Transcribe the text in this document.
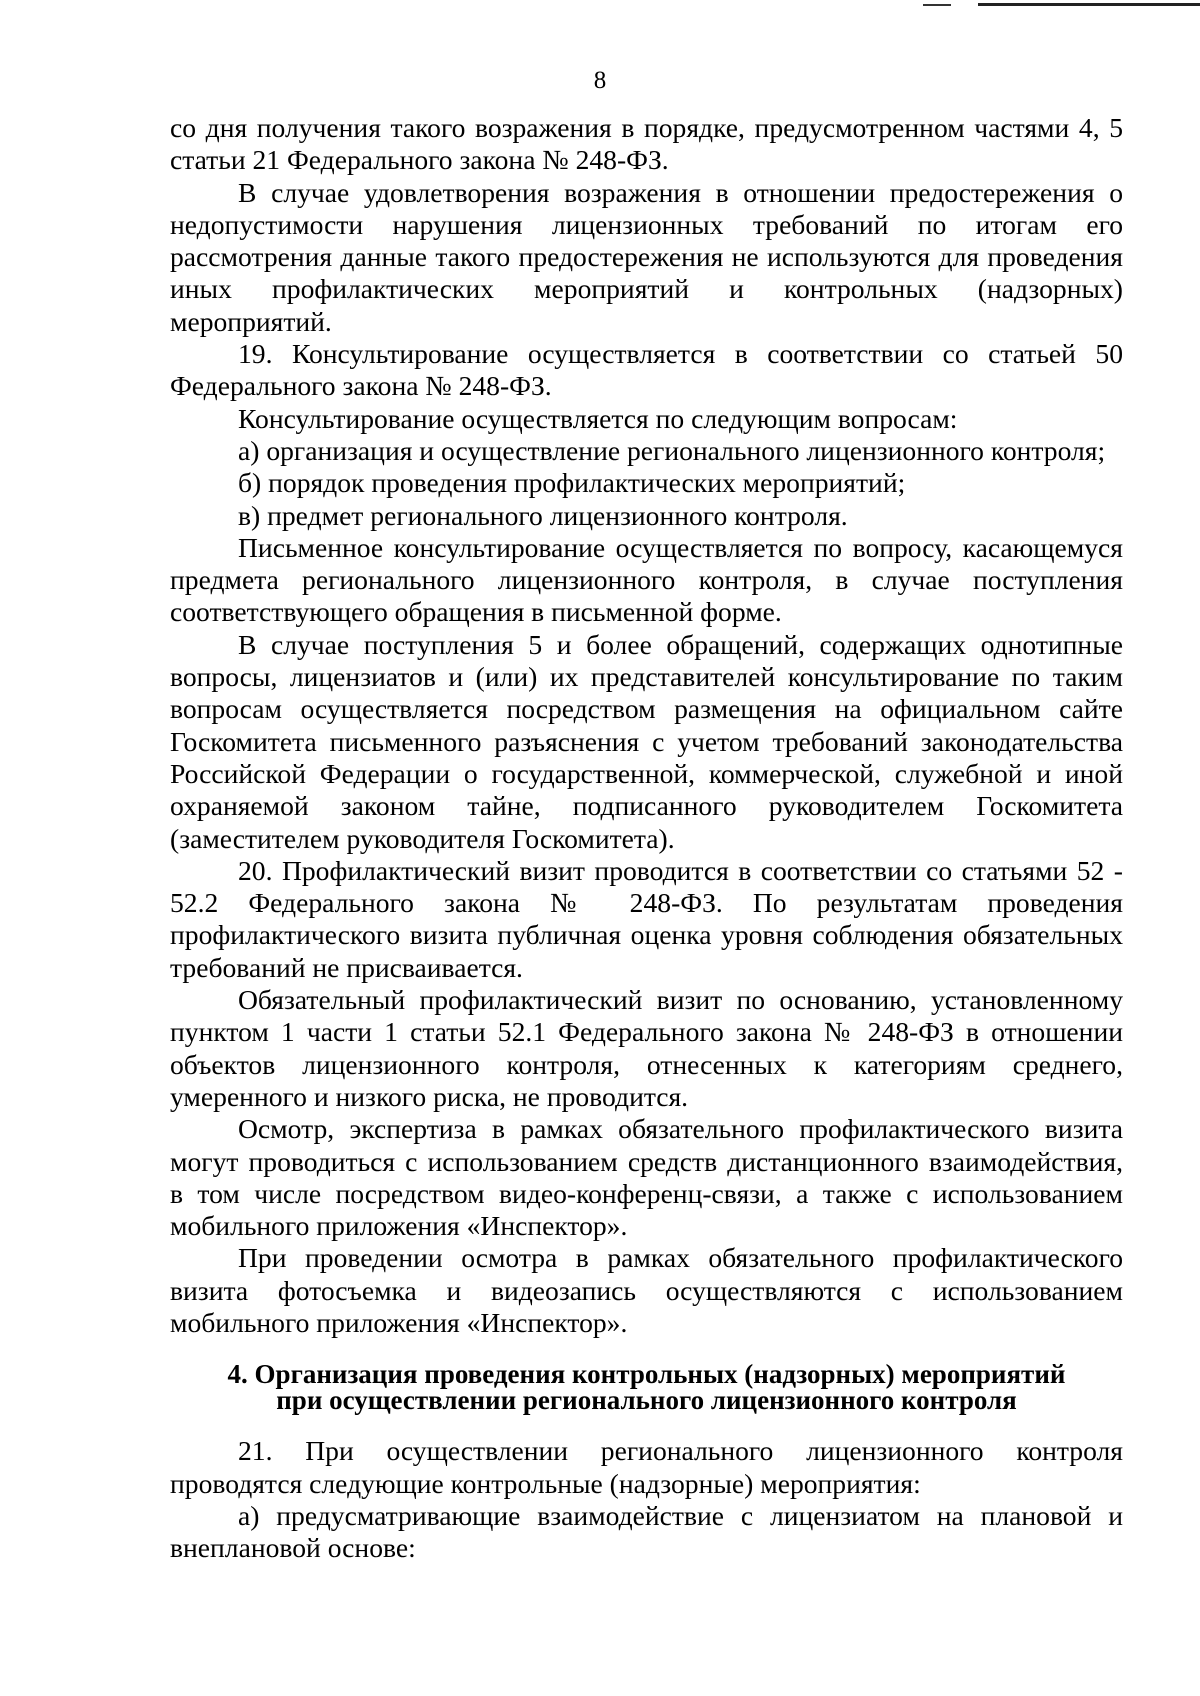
8

со дня получения такого возражения в порядке, предусмотренном частями 4, 5 статьи 21 Федерального закона № 248-ФЗ.

В случае удовлетворения возражения в отношении предостережения о недопустимости нарушения лицензионных требований по итогам его рассмотрения данные такого предостережения не используются для проведения иных профилактических мероприятий и контрольных (надзорных) мероприятий.

19. Консультирование осуществляется в соответствии со статьей 50 Федерального закона № 248-ФЗ.

Консультирование осуществляется по следующим вопросам:

а) организация и осуществление регионального лицензионного контроля;

б) порядок проведения профилактических мероприятий;

в) предмет регионального лицензионного контроля.

Письменное консультирование осуществляется по вопросу, касающемуся предмета регионального лицензионного контроля, в случае поступления соответствующего обращения в письменной форме.

В случае поступления 5 и более обращений, содержащих однотипные вопросы, лицензиатов и (или) их представителей консультирование по таким вопросам осуществляется посредством размещения на официальном сайте Госкомитета письменного разъяснения с учетом требований законодательства Российской Федерации о государственной, коммерческой, служебной и иной охраняемой законом тайне, подписанного руководителем Госкомитета (заместителем руководителя Госкомитета).

20. Профилактический визит проводится в соответствии со статьями 52 - 52.2 Федерального закона № 248-ФЗ. По результатам проведения профилактического визита публичная оценка уровня соблюдения обязательных требований не присваивается.

Обязательный профилактический визит по основанию, установленному пунктом 1 части 1 статьи 52.1 Федерального закона № 248-ФЗ в отношении объектов лицензионного контроля, отнесенных к категориям среднего, умеренного и низкого риска, не проводится.

Осмотр, экспертиза в рамках обязательного профилактического визита могут проводиться с использованием средств дистанционного взаимодействия, в том числе посредством видео-конференц-связи, а также с использованием мобильного приложения «Инспектор».

При проведении осмотра в рамках обязательного профилактического визита фотосъемка и видеозапись осуществляются с использованием мобильного приложения «Инспектор».

4. Организация проведения контрольных (надзорных) мероприятий
при осуществлении регионального лицензионного контроля

21. При осуществлении регионального лицензионного контроля проводятся следующие контрольные (надзорные) мероприятия:

а) предусматривающие взаимодействие с лицензиатом на плановой и внеплановой основе:
